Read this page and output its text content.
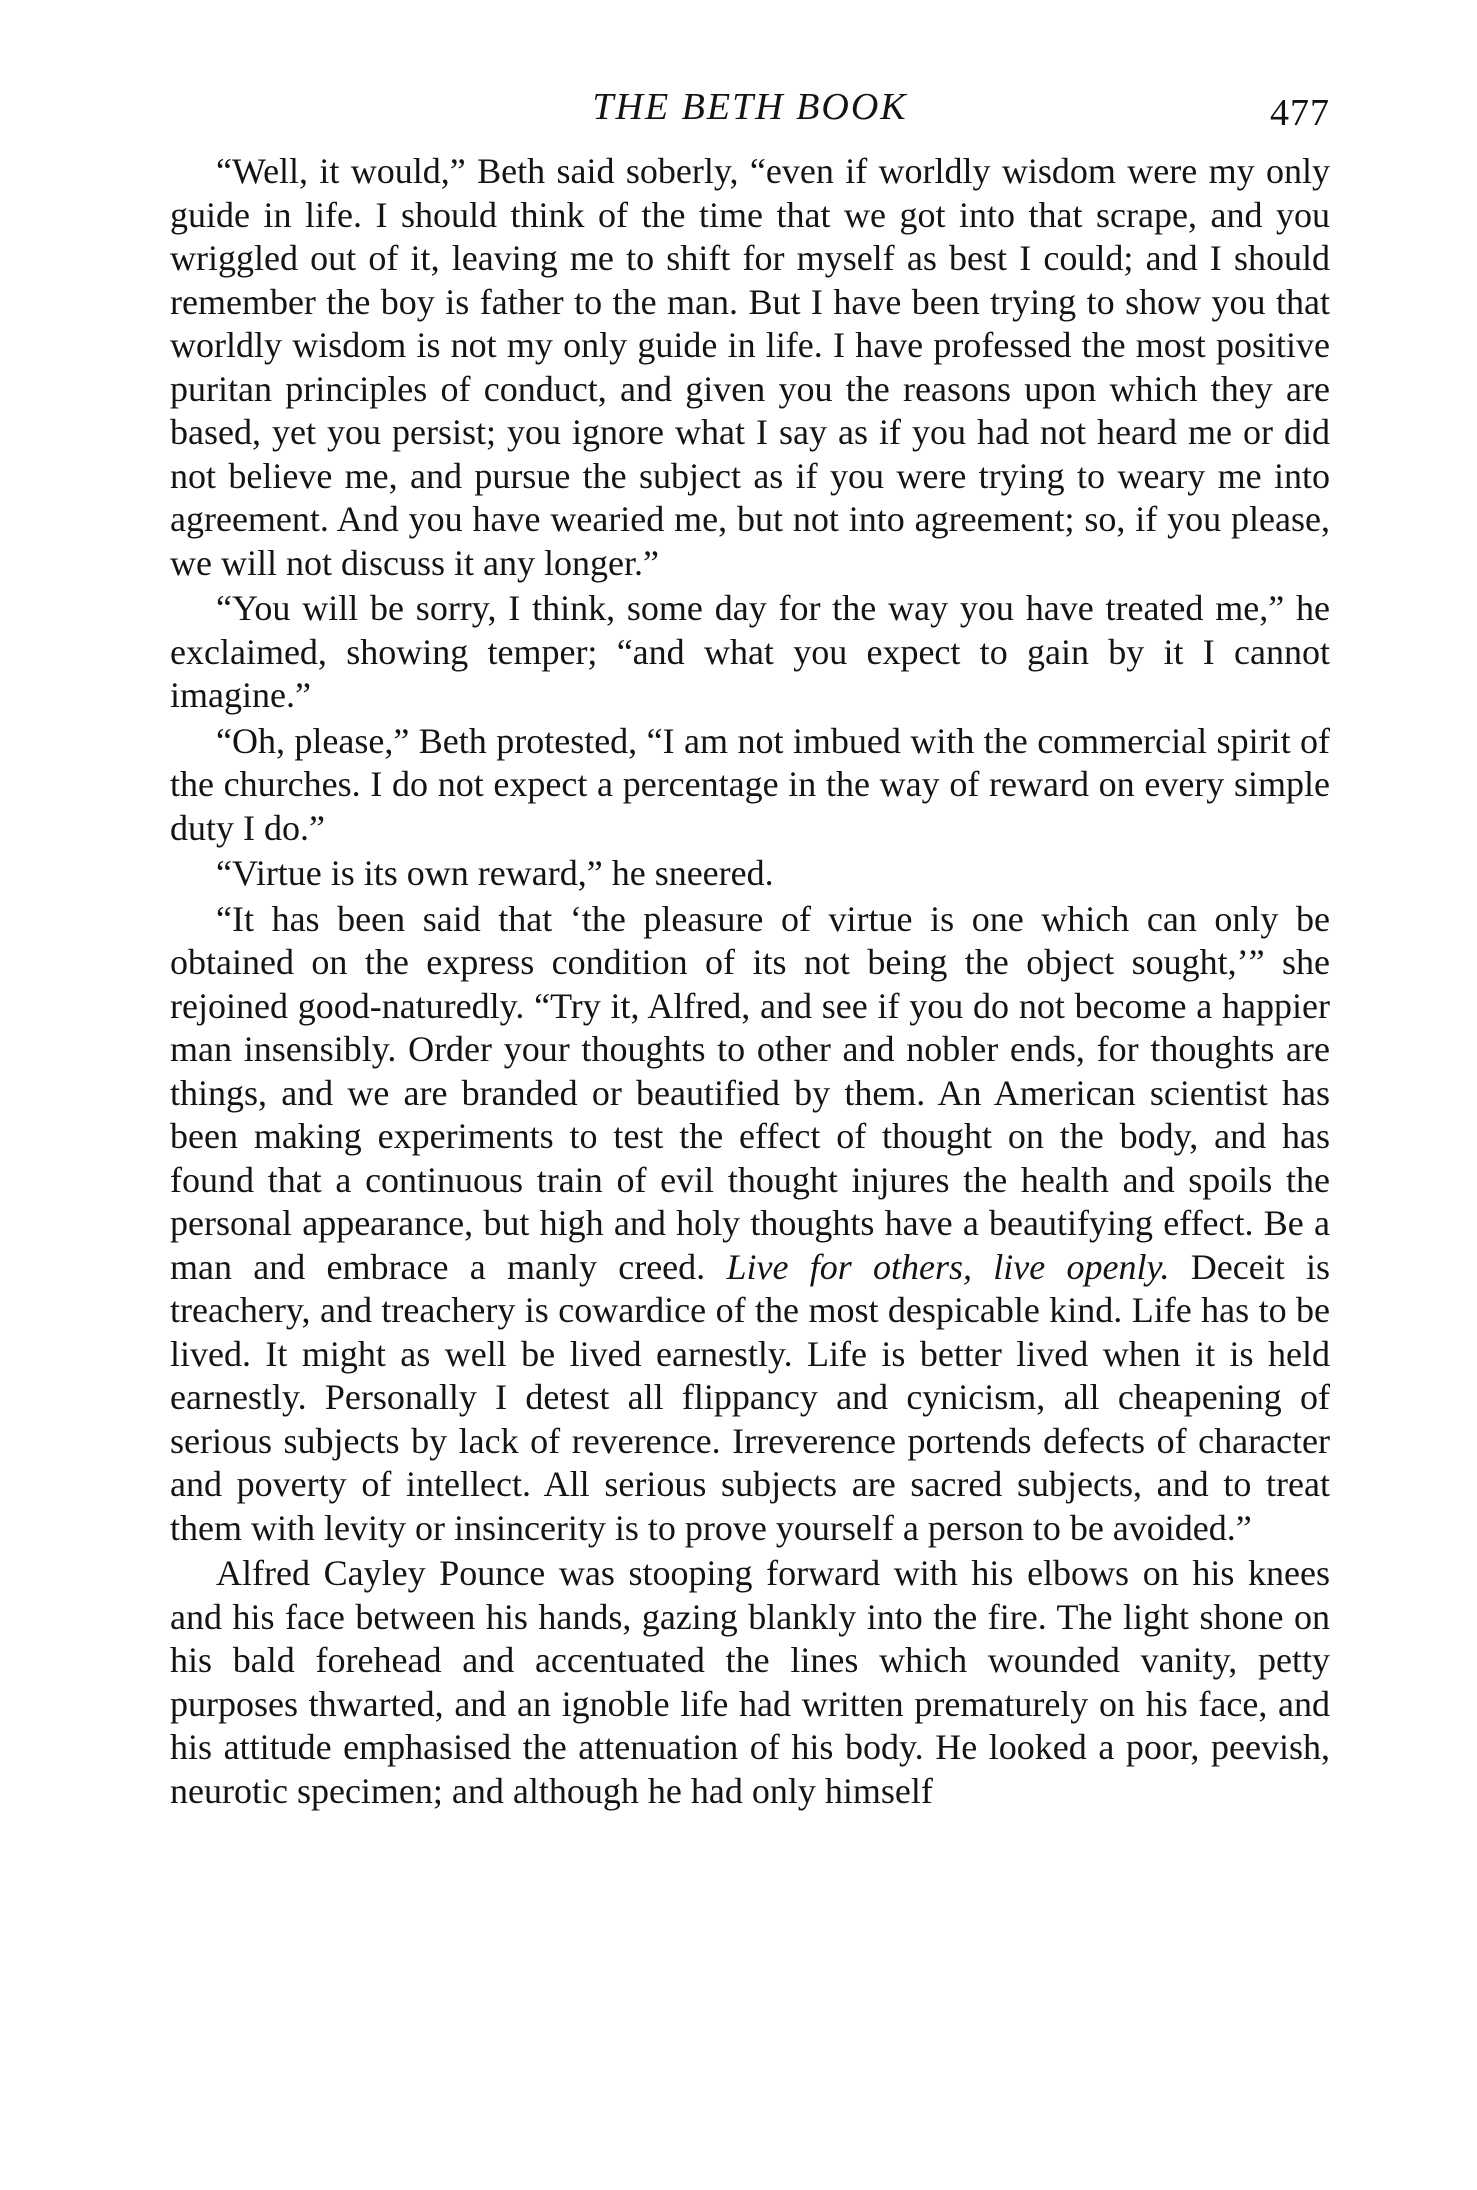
THE BETH BOOK	477

“Well, it would,” Beth said soberly, “even if worldly wisdom were my only guide in life. I should think of the time that we got into that scrape, and you wriggled out of it, leaving me to shift for myself as best I could; and I should remember the boy is father to the man. But I have been trying to show you that worldly wisdom is not my only guide in life. I have professed the most positive puritan principles of conduct, and given you the reasons upon which they are based, yet you persist; you ignore what I say as if you had not heard me or did not believe me, and pursue the subject as if you were trying to weary me into agreement. And you have wearied me, but not into agreement; so, if you please, we will not discuss it any longer.”

“You will be sorry, I think, some day for the way you have treated me,” he exclaimed, showing temper; “and what you expect to gain by it I cannot imagine.”

“Oh, please,” Beth protested, “I am not imbued with the commercial spirit of the churches. I do not expect a percentage in the way of reward on every simple duty I do.”

“Virtue is its own reward,” he sneered.

“It has been said that ‘the pleasure of virtue is one which can only be obtained on the express condition of its not being the object sought,’” she rejoined good-naturedly. “Try it, Alfred, and see if you do not become a happier man insensibly. Order your thoughts to other and nobler ends, for thoughts are things, and we are branded or beautified by them. An American scientist has been making experiments to test the effect of thought on the body, and has found that a continuous train of evil thought injures the health and spoils the personal appearance, but high and holy thoughts have a beautifying effect. Be a man and embrace a manly creed. Live for others, live openly. Deceit is treachery, and treachery is cowardice of the most despicable kind. Life has to be lived. It might as well be lived earnestly. Life is better lived when it is held earnestly. Personally I detest all flippancy and cynicism, all cheapening of serious subjects by lack of reverence. Irreverence portends defects of character and poverty of intellect. All serious subjects are sacred subjects, and to treat them with levity or insincerity is to prove yourself a person to be avoided.”

Alfred Cayley Pounce was stooping forward with his elbows on his knees and his face between his hands, gazing blankly into the fire. The light shone on his bald forehead and accentuated the lines which wounded vanity, petty purposes thwarted, and an ignoble life had written prematurely on his face, and his attitude emphasised the attenuation of his body. He looked a poor, peevish, neurotic specimen; and although he had only himself
